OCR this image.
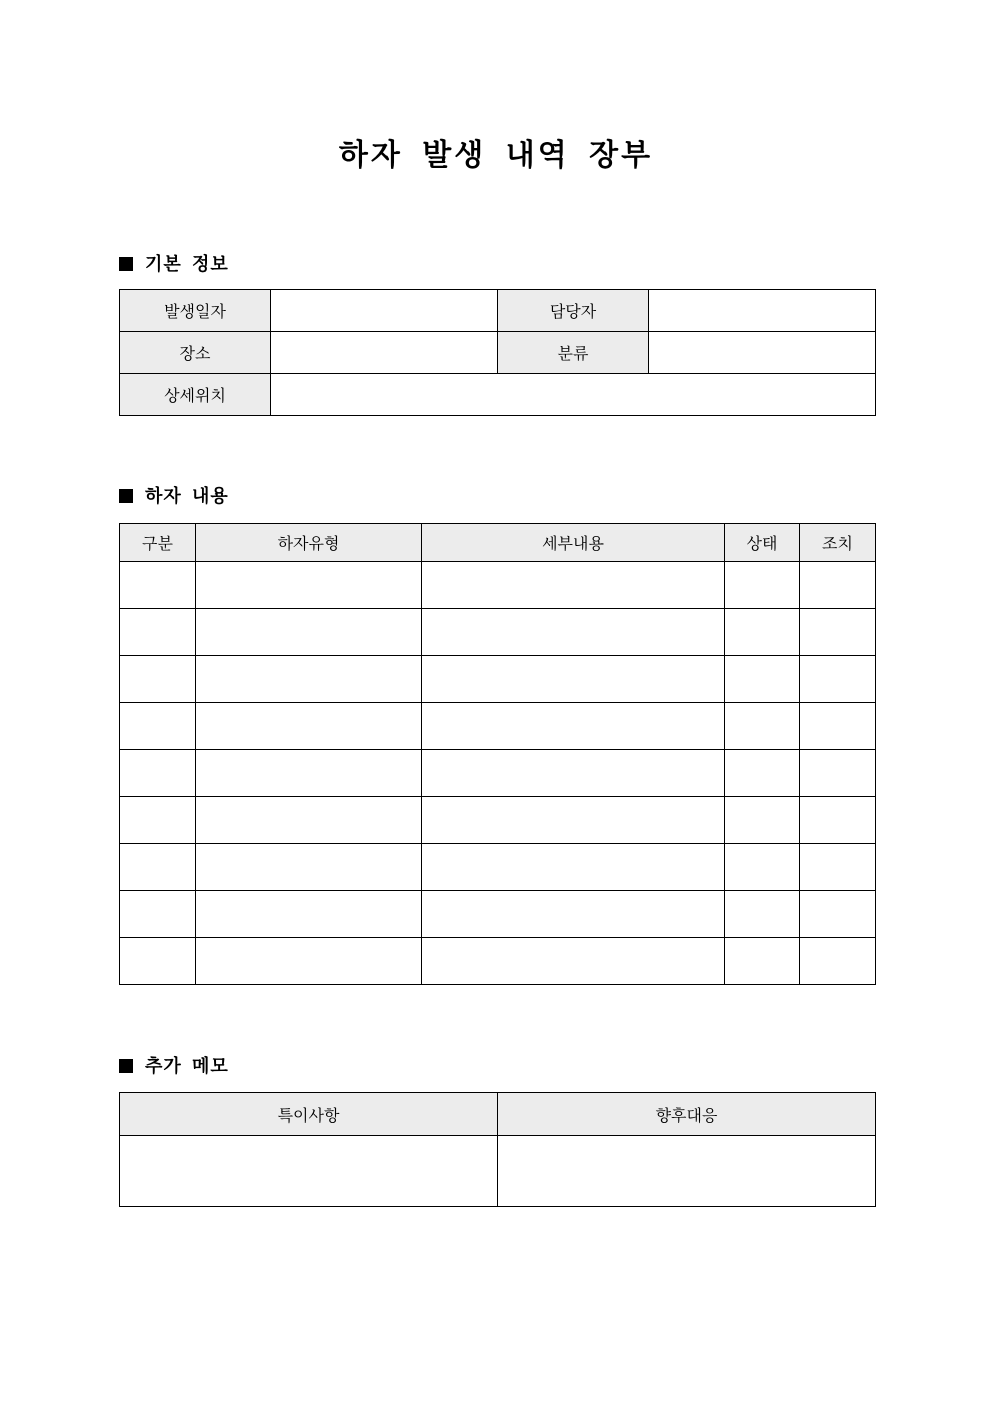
하자 발생 내역 장부
기본 정보
발생일자		담당자	
장소		분류	
상세위치			
하자 내용
구분	하자유형	세부내용	상태	조치

추가 메모
특이사항	향후대응
